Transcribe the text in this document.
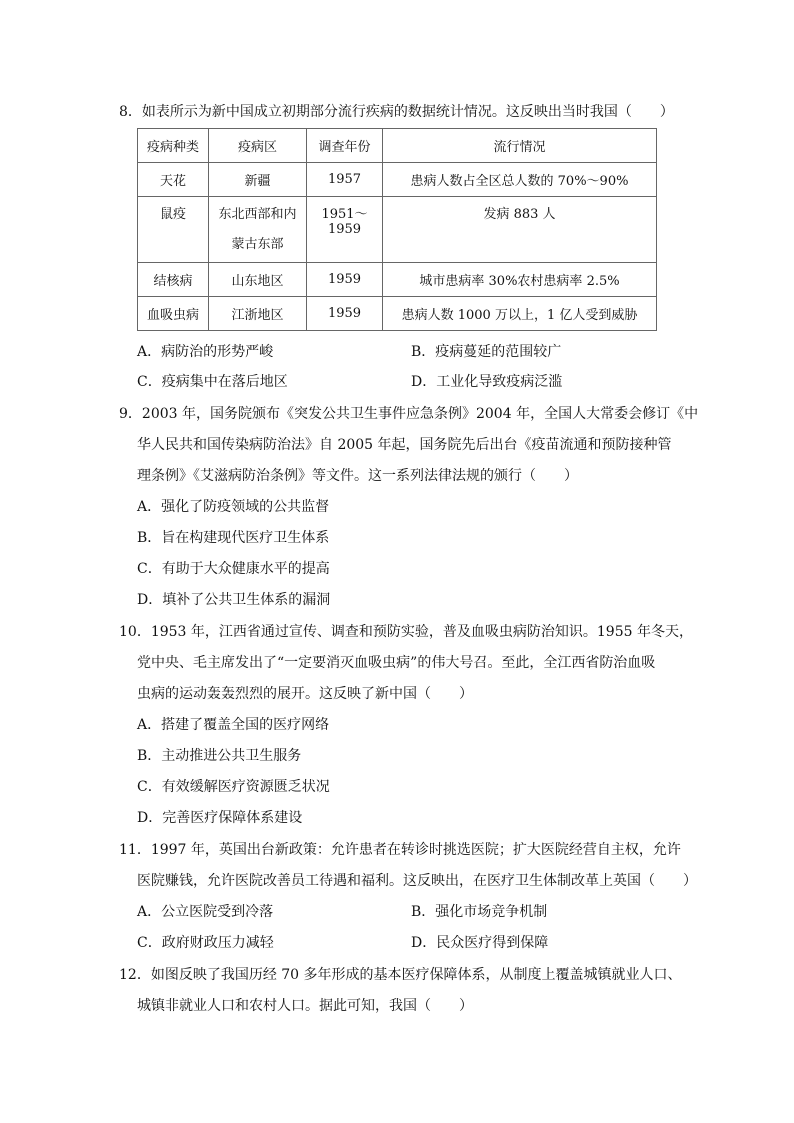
8．如表所示为新中国成立初期部分流行疾病的数据统计情况。这反映出当时我国（　　）
疫病种类	疫病区	调查年份	流行情况
天花	新疆	1957	患病人数占全区总人数的 70%～90%
鼠疫	东北西部和内蒙古东部	1951～1959	发病 883 人
结核病	山东地区	1959	城市患病率 30%农村患病率 2.5%
血吸虫病	江浙地区	1959	患病人数 1000 万以上，1 亿人受到威胁
A．病防治的形势严峻	B．疫病蔓延的范围较广
C．疫病集中在落后地区	D．工业化导致疫病泛滥
9．2003 年，国务院颁布《突发公共卫生事件应急条例》2004 年，全国人大常委会修订《中
华人民共和国传染病防治法》自 2005 年起，国务院先后出台《疫苗流通和预防接种管
理条例》《艾滋病防治条例》等文件。这一系列法律法规的颁行（　　）
A．强化了防疫领域的公共监督
B．旨在构建现代医疗卫生体系
C．有助于大众健康水平的提高
D．填补了公共卫生体系的漏洞
10．1953 年，江西省通过宣传、调查和预防实验，普及血吸虫病防治知识。1955 年冬天，
党中央、毛主席发出了“一定要消灭血吸虫病”的伟大号召。至此，全江西省防治血吸
虫病的运动轰轰烈烈的展开。这反映了新中国（　　）
A．搭建了覆盖全国的医疗网络
B．主动推进公共卫生服务
C．有效缓解医疗资源匮乏状况
D．完善医疗保障体系建设
11．1997 年，英国出台新政策：允许患者在转诊时挑选医院；扩大医院经营自主权，允许
医院赚钱，允许医院改善员工待遇和福利。这反映出，在医疗卫生体制改革上英国（　　）
A．公立医院受到冷落	B．强化市场竞争机制
C．政府财政压力减轻	D．民众医疗得到保障
12．如图反映了我国历经 70 多年形成的基本医疗保障体系，从制度上覆盖城镇就业人口、
城镇非就业人口和农村人口。据此可知，我国（　　）
